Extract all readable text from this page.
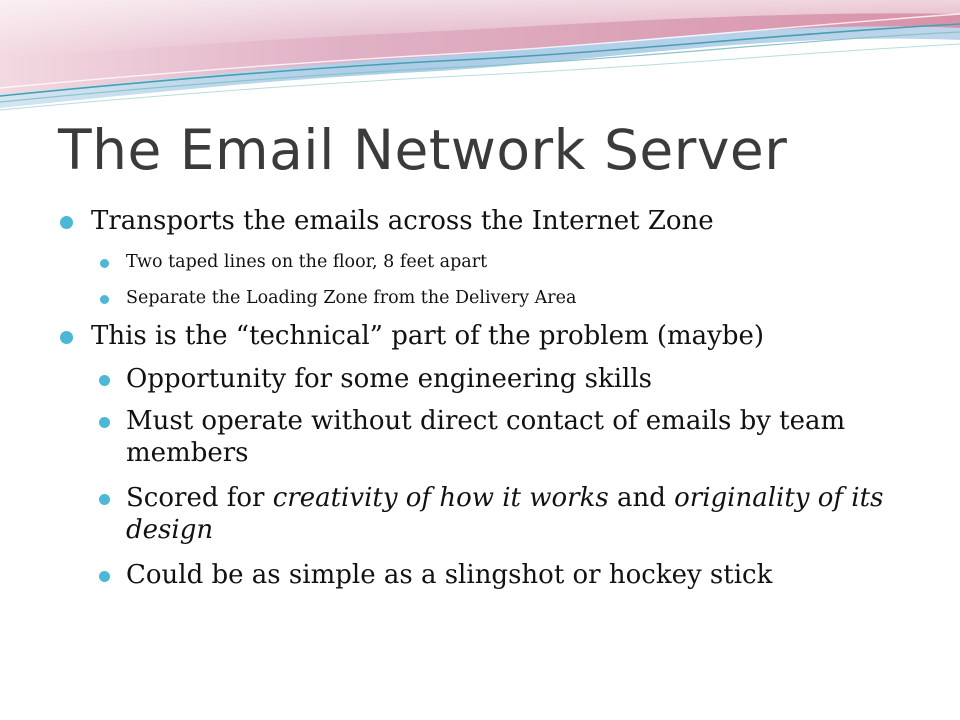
The Email Network Server
Transports the emails across the Internet Zone
Two taped lines on the floor, 8 feet apart
Separate the Loading Zone from the Delivery Area
This is the “technical” part of the problem (maybe)
Opportunity for some engineering skills
Must operate without direct contact of emails by team members
Scored for creativity of how it works and originality of its design
Could be as simple as a slingshot or hockey stick
